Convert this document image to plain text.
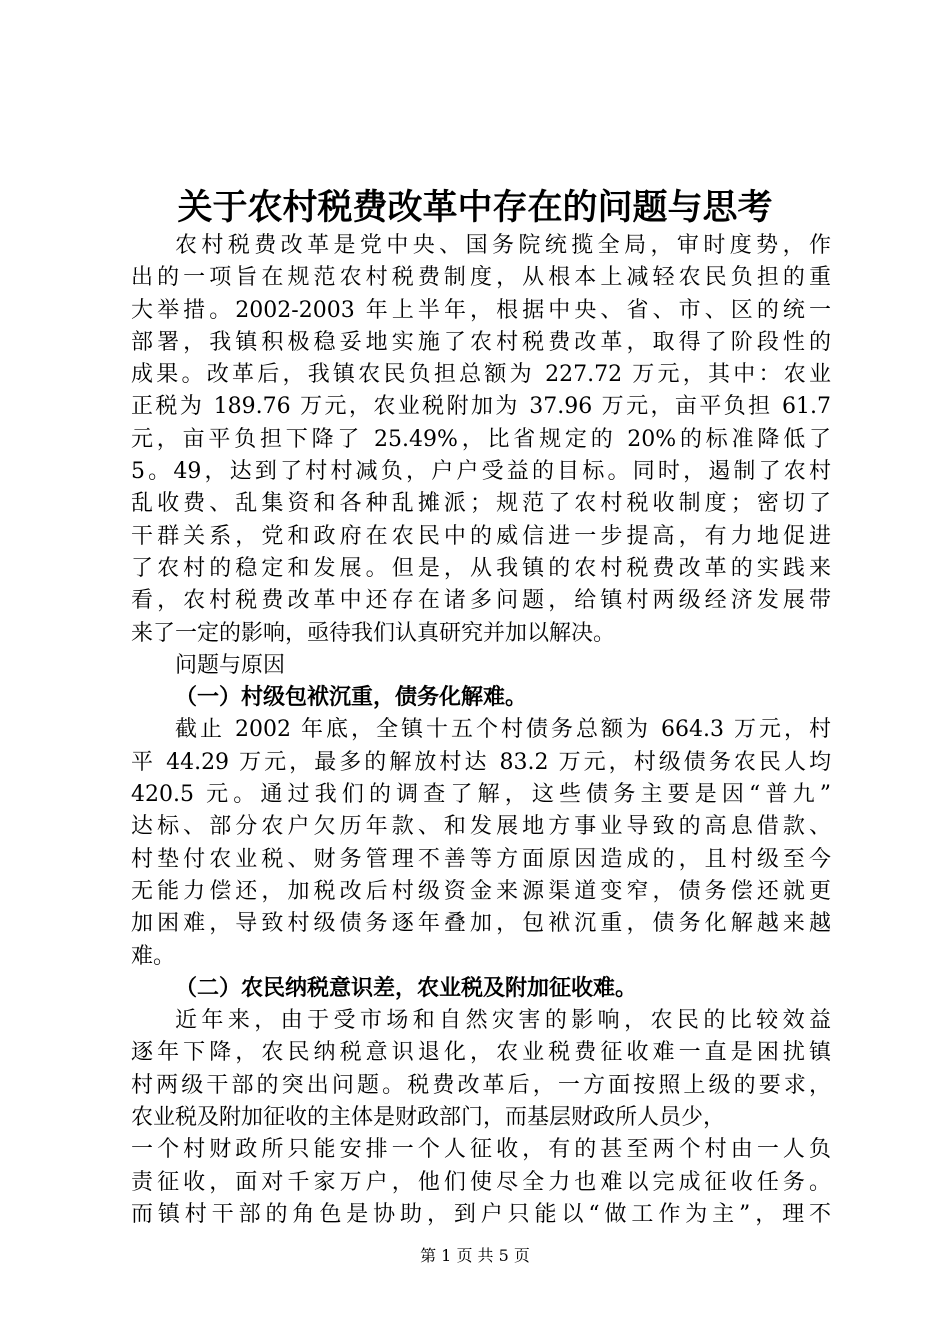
关于农村税费改革中存在的问题与思考
农村税费改革是党中央、国务院统揽全局，审时度势，作
出的一项旨在规范农村税费制度，从根本上减轻农民负担的重
大举措。2002-2003 年上半年，根据中央、省、市、区的统一
部署，我镇积极稳妥地实施了农村税费改革，取得了阶段性的
成果。改革后，我镇农民负担总额为 227.72 万元，其中：农业
正税为 189.76 万元，农业税附加为 37.96 万元，亩平负担 61.7
元，亩平负担下降了 25.49%，比省规定的 20%的标准降低了
5。49，达到了村村减负，户户受益的目标。同时，遏制了农村
乱收费、乱集资和各种乱摊派；规范了农村税收制度；密切了
干群关系，党和政府在农民中的威信进一步提高，有力地促进
了农村的稳定和发展。但是，从我镇的农村税费改革的实践来
看，农村税费改革中还存在诸多问题，给镇村两级经济发展带
来了一定的影响，亟待我们认真研究并加以解决。
问题与原因
（一）村级包袱沉重，债务化解难。
截止 2002 年底，全镇十五个村债务总额为 664.3 万元，村
平 44.29 万元，最多的解放村达 83.2 万元，村级债务农民人均
420.5 元。通过我们的调查了解，这些债务主要是因“普九”
达标、部分农户欠历年款、和发展地方事业导致的高息借款、
村垫付农业税、财务管理不善等方面原因造成的，且村级至今
无能力偿还，加税改后村级资金来源渠道变窄，债务偿还就更
加困难，导致村级债务逐年叠加，包袱沉重，债务化解越来越
难。
（二）农民纳税意识差，农业税及附加征收难。
近年来，由于受市场和自然灾害的影响，农民的比较效益
逐年下降，农民纳税意识退化，农业税费征收难一直是困扰镇
村两级干部的突出问题。税费改革后，一方面按照上级的要求，
农业税及附加征收的主体是财政部门，而基层财政所人员少，
一个村财政所只能安排一个人征收，有的甚至两个村由一人负
责征收，面对千家万户，他们使尽全力也难以完成征收任务。
而镇村干部的角色是协助，到户只能以“做工作为主”，理不
第 1 页 共 5 页
